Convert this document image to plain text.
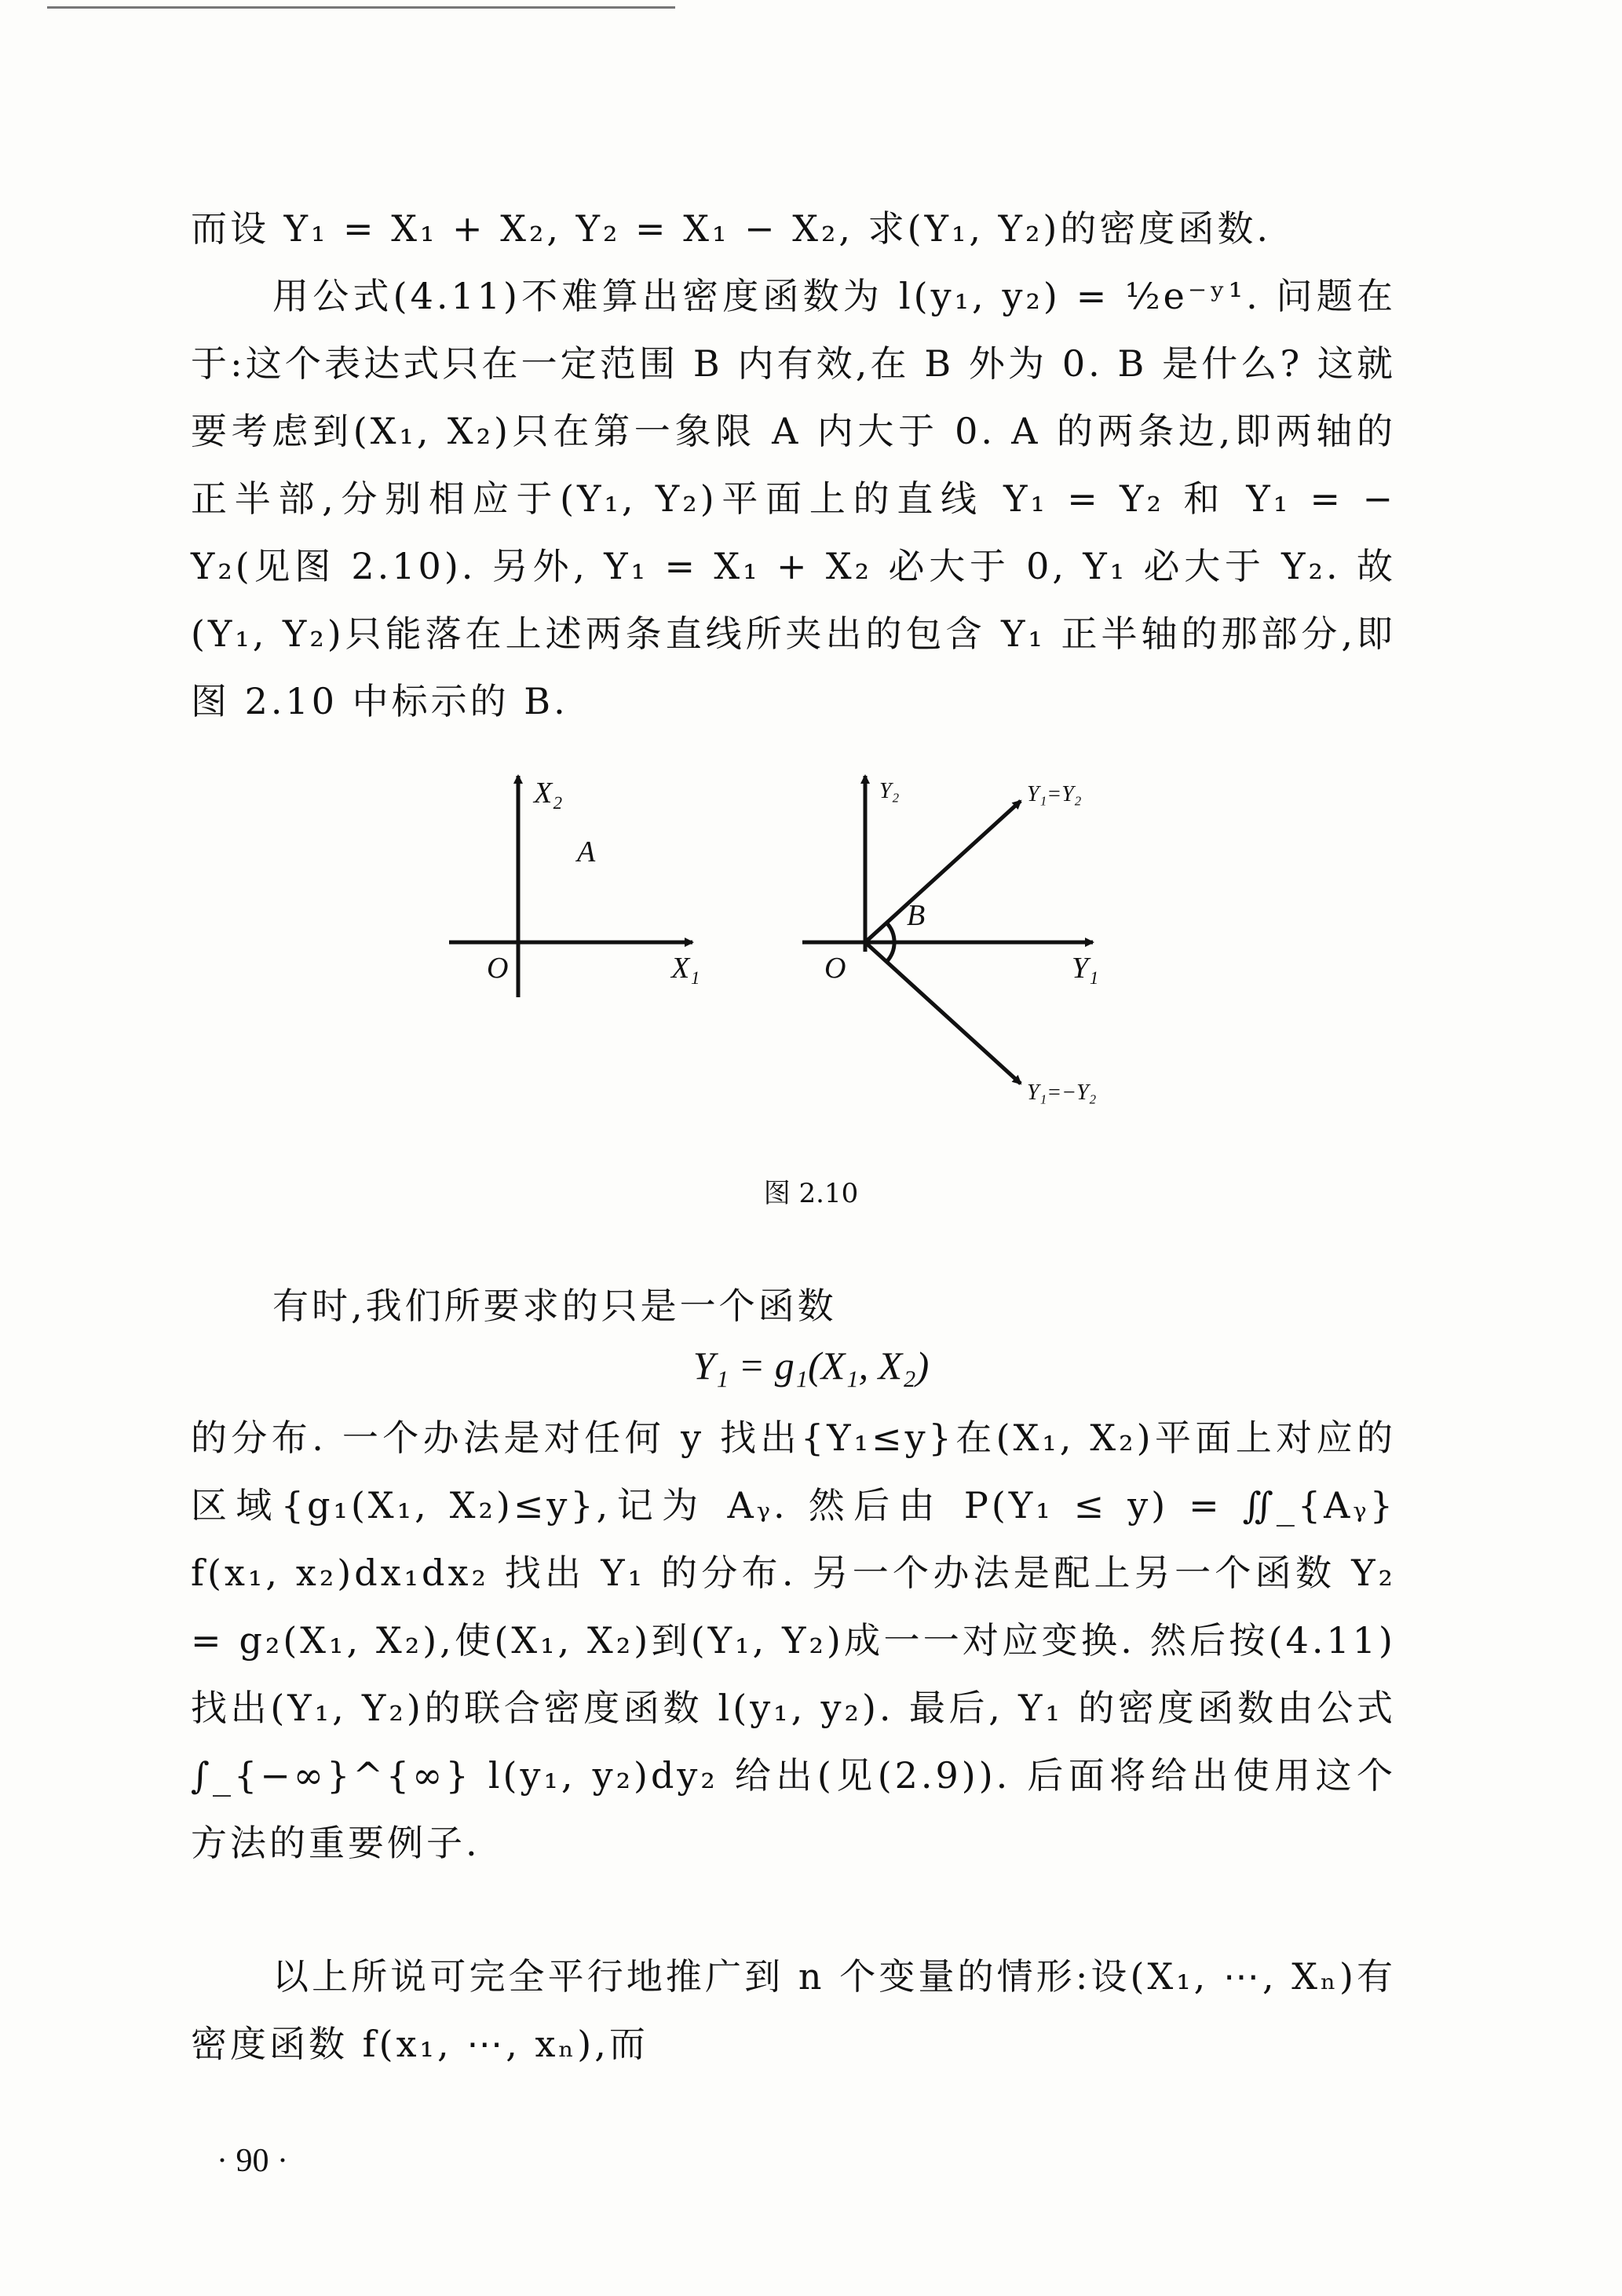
而设 Y₁ = X₁ + X₂, Y₂ = X₁ − X₂, 求(Y₁, Y₂)的密度函数.

用公式(4.11)不难算出密度函数为 l(y₁, y₂) = ½e⁻ʸ¹. 问题在于:这个表达式只在一定范围 B 内有效,在 B 外为 0. B 是什么? 这就要考虑到(X₁, X₂)只在第一象限 A 内大于 0. A 的两条边,即两轴的正半部,分别相应于(Y₁, Y₂)平面上的直线 Y₁ = Y₂ 和 Y₁ = − Y₂(见图 2.10). 另外, Y₁ = X₁ + X₂ 必大于 0, Y₁ 必大于 Y₂. 故(Y₁, Y₂)只能落在上述两条直线所夹出的包含 Y₁ 正半轴的那部分,即图 2.10 中标示的 B.

X₂
A
O	X₁
Y₂	Y₁=Y₂
B
O	Y₁
Y₁=−Y₂
图 2.10

有时,我们所要求的只是一个函数

Y₁ = g₁(X₁, X₂)

的分布. 一个办法是对任何 y 找出{Y₁≤y}在(X₁, X₂)平面上对应的区域{g₁(X₁, X₂)≤y},记为 Aᵧ. 然后由 P(Y₁ ≤ y) = ∬_{Aᵧ} f(x₁, x₂)dx₁dx₂ 找出 Y₁ 的分布. 另一个办法是配上另一个函数 Y₂ = g₂(X₁, X₂),使(X₁, X₂)到(Y₁, Y₂)成一一对应变换. 然后按(4.11)找出(Y₁, Y₂)的联合密度函数 l(y₁, y₂). 最后, Y₁ 的密度函数由公式 ∫_{−∞}^{∞} l(y₁, y₂)dy₂ 给出(见(2.9)). 后面将给出使用这个方法的重要例子.

以上所说可完全平行地推广到 n 个变量的情形:设(X₁, ⋯, Xₙ)有密度函数 f(x₁, ⋯, xₙ),而

· 90 ·
